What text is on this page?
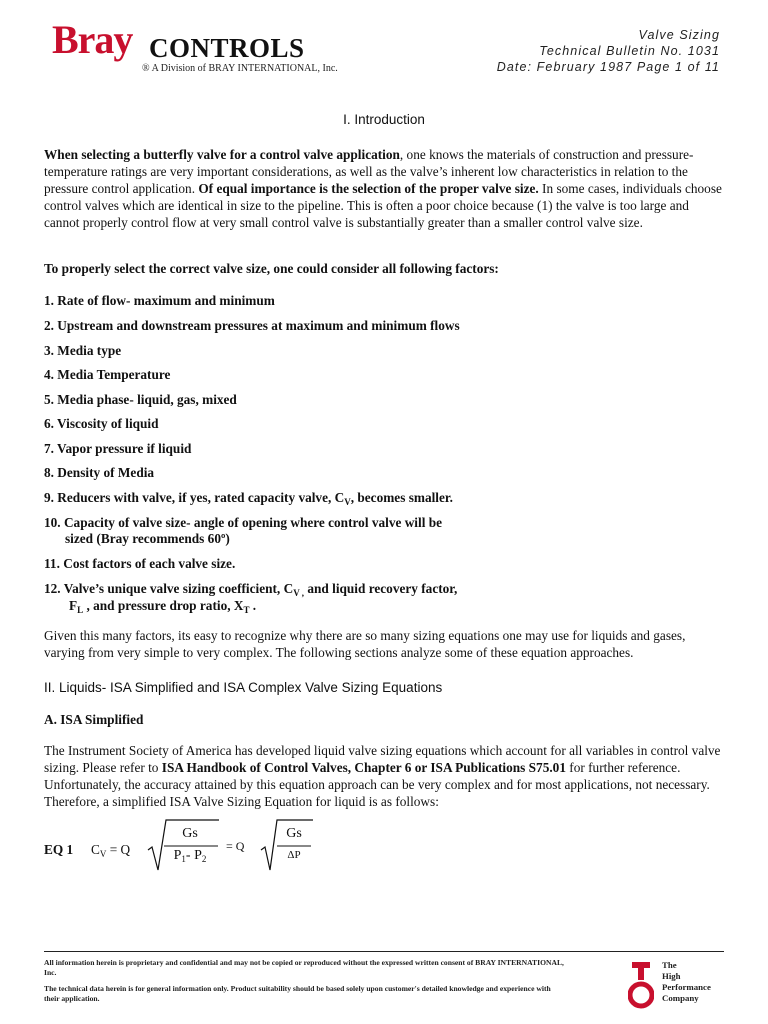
Bray CONTROLS
® A Division of BRAY INTERNATIONAL, Inc.
Valve Sizing
Technical Bulletin No. 1031
Date: February 1987 Page 1 of 11
I. Introduction
When selecting a butterfly valve for a control valve application, one knows the materials of construction and pressure- temperature ratings are very important considerations, as well as the valve’s inherent low characteristics in relation to the pressure control application. Of equal importance is the selection of the proper valve size. In some cases, individuals choose control valves which are identical in size to the pipeline. This is often a poor choice because (1) the valve is too large and cannot properly control flow at very small control valve is substantially greater than a smaller control valve size.
To properly select the correct valve size, one could consider all following factors:
1. Rate of flow- maximum and minimum
2. Upstream and downstream pressures at maximum and minimum flows
3. Media type
4. Media Temperature
5. Media phase- liquid, gas, mixed
6. Viscosity of liquid
7. Vapor pressure if liquid
8. Density of Media
9. Reducers with valve, if yes, rated capacity valve, $C_V$, becomes smaller.
10. Capacity of valve size- angle of opening where control valve will be
sized (Bray recommends 60º)
11. Cost factors of each valve size.
12. Valve’s unique valve sizing coefficient, $C_{V ,}$ and liquid recovery factor,
$F_L$ , and pressure drop ratio, $X_T$ .
Given this many factors, its easy to recognize why there are so many sizing equations one may use for liquids and gases, varying from very simple to very complex. The following sections analyze some of these equation approaches.
II. Liquids- ISA Simplified and ISA Complex Valve Sizing Equations
A. ISA Simplified
The Instrument Society of America has developed liquid valve sizing equations which account for all variables in control valve sizing. Please refer to ISA Handbook of Control Valves, Chapter 6 or ISA Publications S75.01 for further reference. Unfortunately, the accuracy attained by this equation approach can be very complex and for most applications, not necessary. Therefore, a simplified ISA Valve Sizing Equation for liquid is as follows:
EQ 1 $C_V = Q$
Gs
$P_1-$ $P_2$
= Q
Gs
ΔP
All information herein is proprietary and confidential and may not be copied or reproduced without the expressed written consent of BRAY INTERNATIONAL, Inc.
The technical data herein is for general information only. Product suitability should be based solely upon customer's detailed knowledge and experience with their application.
The
High
Performance
Company
